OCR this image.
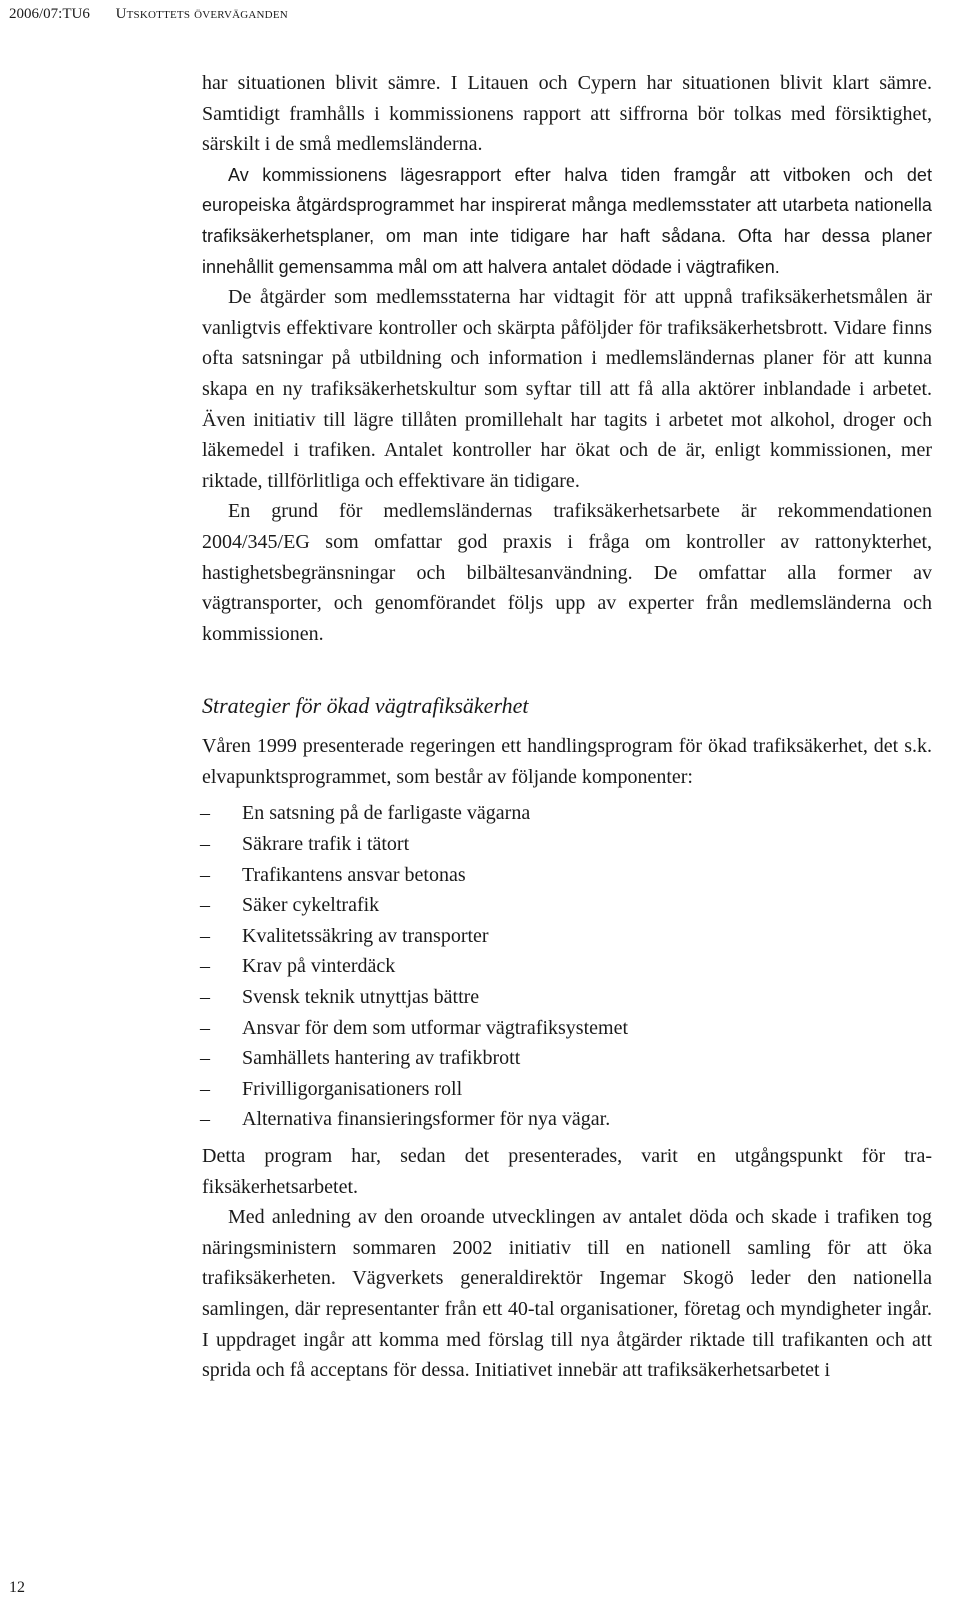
2006/07:TU6 Utskottets överväganden

har situationen blivit sämre. I Litauen och Cypern har situationen blivit klart sämre. Samtidigt framhålls i kommissionens rapport att siffrorna bör tolkas med försiktighet, särskilt i de små medlemsländerna.

Av kommissionens lägesrapport efter halva tiden framgår att vitboken och det europeiska åtgärdsprogrammet har inspirerat många medlemsstater att utarbeta nationella trafiksäkerhetsplaner, om man inte tidigare har haft sådana. Ofta har dessa planer innehållit gemensamma mål om att halvera antalet dödade i vägtrafiken.

De åtgärder som medlemsstaterna har vidtagit för att uppnå trafiksäkerhetsmålen är vanligtvis effektivare kontroller och skärpta påföljder för trafiksäkerhetsbrott. Vidare finns ofta satsningar på utbildning och information i medlemsländernas planer för att kunna skapa en ny trafiksäkerhetskultur som syftar till att få alla aktörer inblandade i arbetet. Även initiativ till lägre tillåten promillehalt har tagits i arbetet mot alkohol, droger och läkemedel i trafiken. Antalet kontroller har ökat och de är, enligt kommissionen, mer riktade, tillförlitliga och effektivare än tidigare.

En grund för medlemsländernas trafiksäkerhetsarbete är rekommendationen 2004/345/EG som omfattar god praxis i fråga om kontroller av rattonykterhet, hastighetsbegränsningar och bilbältesanvändning. De omfattar alla former av vägtransporter, och genomförandet följs upp av experter från medlemsländerna och kommissionen.

Strategier för ökad vägtrafiksäkerhet

Våren 1999 presenterade regeringen ett handlingsprogram för ökad trafiksäkerhet, det s.k. elvapunktsprogrammet, som består av följande komponenter:

– En satsning på de farligaste vägarna
– Säkrare trafik i tätort
– Trafikantens ansvar betonas
– Säker cykeltrafik
– Kvalitetssäkring av transporter
– Krav på vinterdäck
– Svensk teknik utnyttjas bättre
– Ansvar för dem som utformar vägtrafiksystemet
– Samhällets hantering av trafikbrott
– Frivilligorganisationers roll
– Alternativa finansieringsformer för nya vägar.

Detta program har, sedan det presenterades, varit en utgångspunkt för trafiksäkerhetsarbetet.

Med anledning av den oroande utvecklingen av antalet döda och skade i trafiken tog näringsministern sommaren 2002 initiativ till en nationell samling för att öka trafiksäkerheten. Vägverkets generaldirektör Ingemar Skogö leder den nationella samlingen, där representanter från ett 40-tal organisationer, företag och myndigheter ingår. I uppdraget ingår att komma med förslag till nya åtgärder riktade till trafikanten och att sprida och få acceptans för dessa. Initiativet innebär att trafiksäkerhetsarbetet i

12
